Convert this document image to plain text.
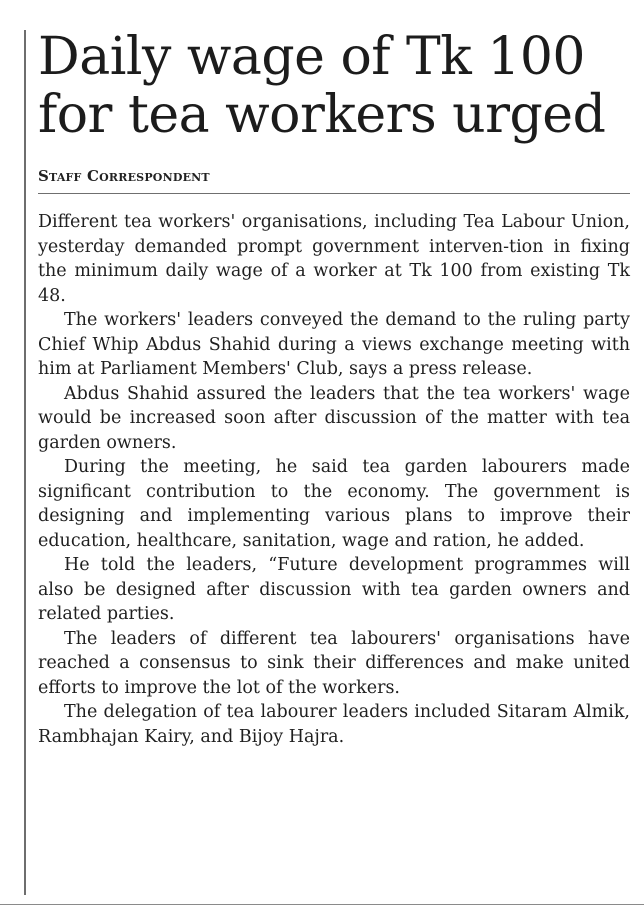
Daily wage of Tk 100
for tea workers urged
Staff Correspondent

Different tea workers' organisations, including Tea Labour Union, yesterday demanded prompt government interven-tion in fixing the minimum daily wage of a worker at Tk 100 from existing Tk 48.

The workers' leaders conveyed the demand to the ruling party Chief Whip Abdus Shahid during a views exchange meeting with him at Parliament Members' Club, says a press release.

Abdus Shahid assured the leaders that the tea workers' wage would be increased soon after discussion of the matter with tea garden owners.

During the meeting, he said tea garden labourers made significant contribution to the economy. The government is designing and implementing various plans to improve their education, healthcare, sanitation, wage and ration, he added.

He told the leaders, “Future development programmes will also be designed after discussion with tea garden owners and related parties.

The leaders of different tea labourers' organisations have reached a consensus to sink their differences and make united efforts to improve the lot of the workers.

The delegation of tea labourer leaders included Sitaram Almik, Rambhajan Kairy, and Bijoy Hajra.
